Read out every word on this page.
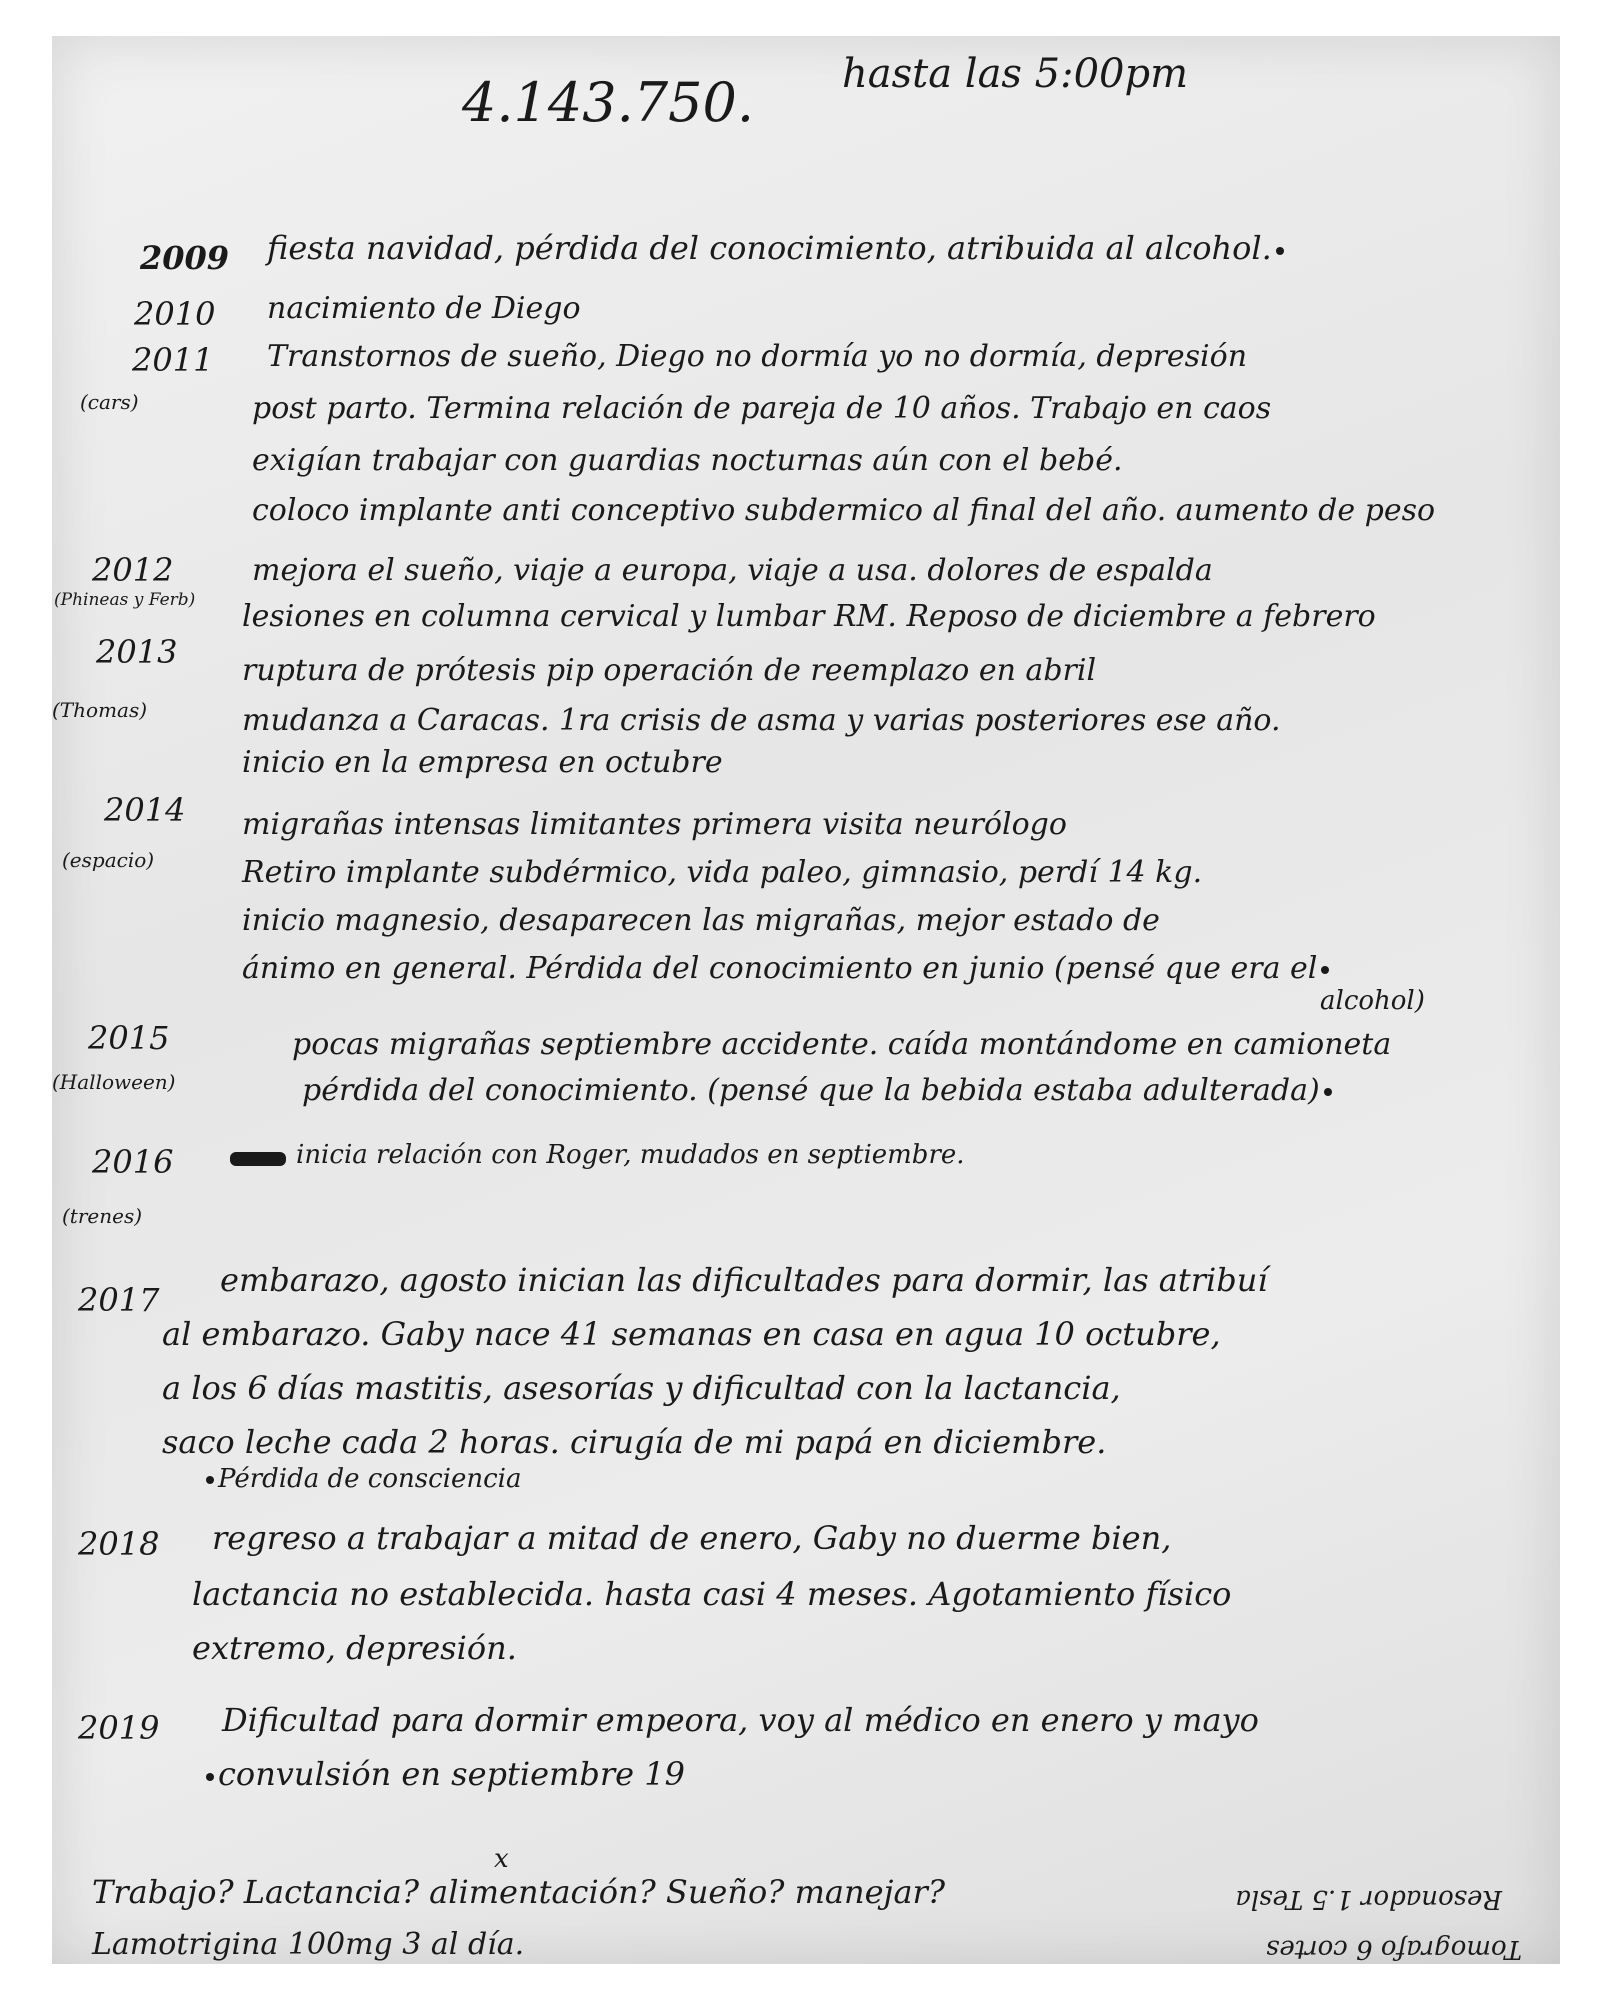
4.143.750. hasta las 5:00pm
2009 fiesta navidad, pérdida del conocimiento, atribuida al alcohol.
2010 nacimiento de Diego
2011
(cars)
Transtornos de sueño, Diego no dormía yo no dormía, depresión
post parto. Termina relación de pareja de 10 años. Trabajo en caos
exigían trabajar con guardias nocturnas aún con el bebé.
coloco implante anti conceptivo subdermico al final del año. aumento de peso
2012
(Phineas y Ferb)
mejora el sueño, viaje a europa, viaje a usa. dolores de espalda
lesiones en columna cervical y lumbar RM. Reposo de diciembre a febrero
2013
(Thomas)
ruptura de prótesis pip operación de reemplazo en abril
mudanza a Caracas. 1ra crisis de asma y varias posteriores ese año.
inicio en la empresa en octubre
2014
(espacio)
migrañas intensas limitantes primera visita neurólogo
Retiro implante subdérmico, vida paleo, gimnasio, perdí 14 kg.
inicio magnesio, desaparecen las migrañas, mejor estado de
ánimo en general. Pérdida del conocimiento en junio (pensé que era el
alcohol)
2015
(Halloween)
pocas migrañas septiembre accidente. caída montándome en camioneta
pérdida del conocimiento. (pensé que la bebida estaba adulterada)
2016
(trenes)
inicia relación con Roger, mudados en septiembre.
2017
embarazo, agosto inician las dificultades para dormir, las atribuí
al embarazo. Gaby nace 41 semanas en casa en agua 10 octubre,
a los 6 días mastitis, asesorías y dificultad con la lactancia,
saco leche cada 2 horas. cirugía de mi papá en diciembre.
Pérdida de consciencia
2018 regreso a trabajar a mitad de enero, Gaby no duerme bien,
lactancia no establecida. hasta casi 4 meses. Agotamiento físico
extremo, depresión.
2019 Dificultad para dormir empeora, voy al médico en enero y mayo
convulsión en septiembre 19
x
Trabajo? Lactancia? alimentación? Sueño? manejar?
Lamotrigina 100mg 3 al día.	Tomografo 6 cortes
Resonador 1.5 Tesla
